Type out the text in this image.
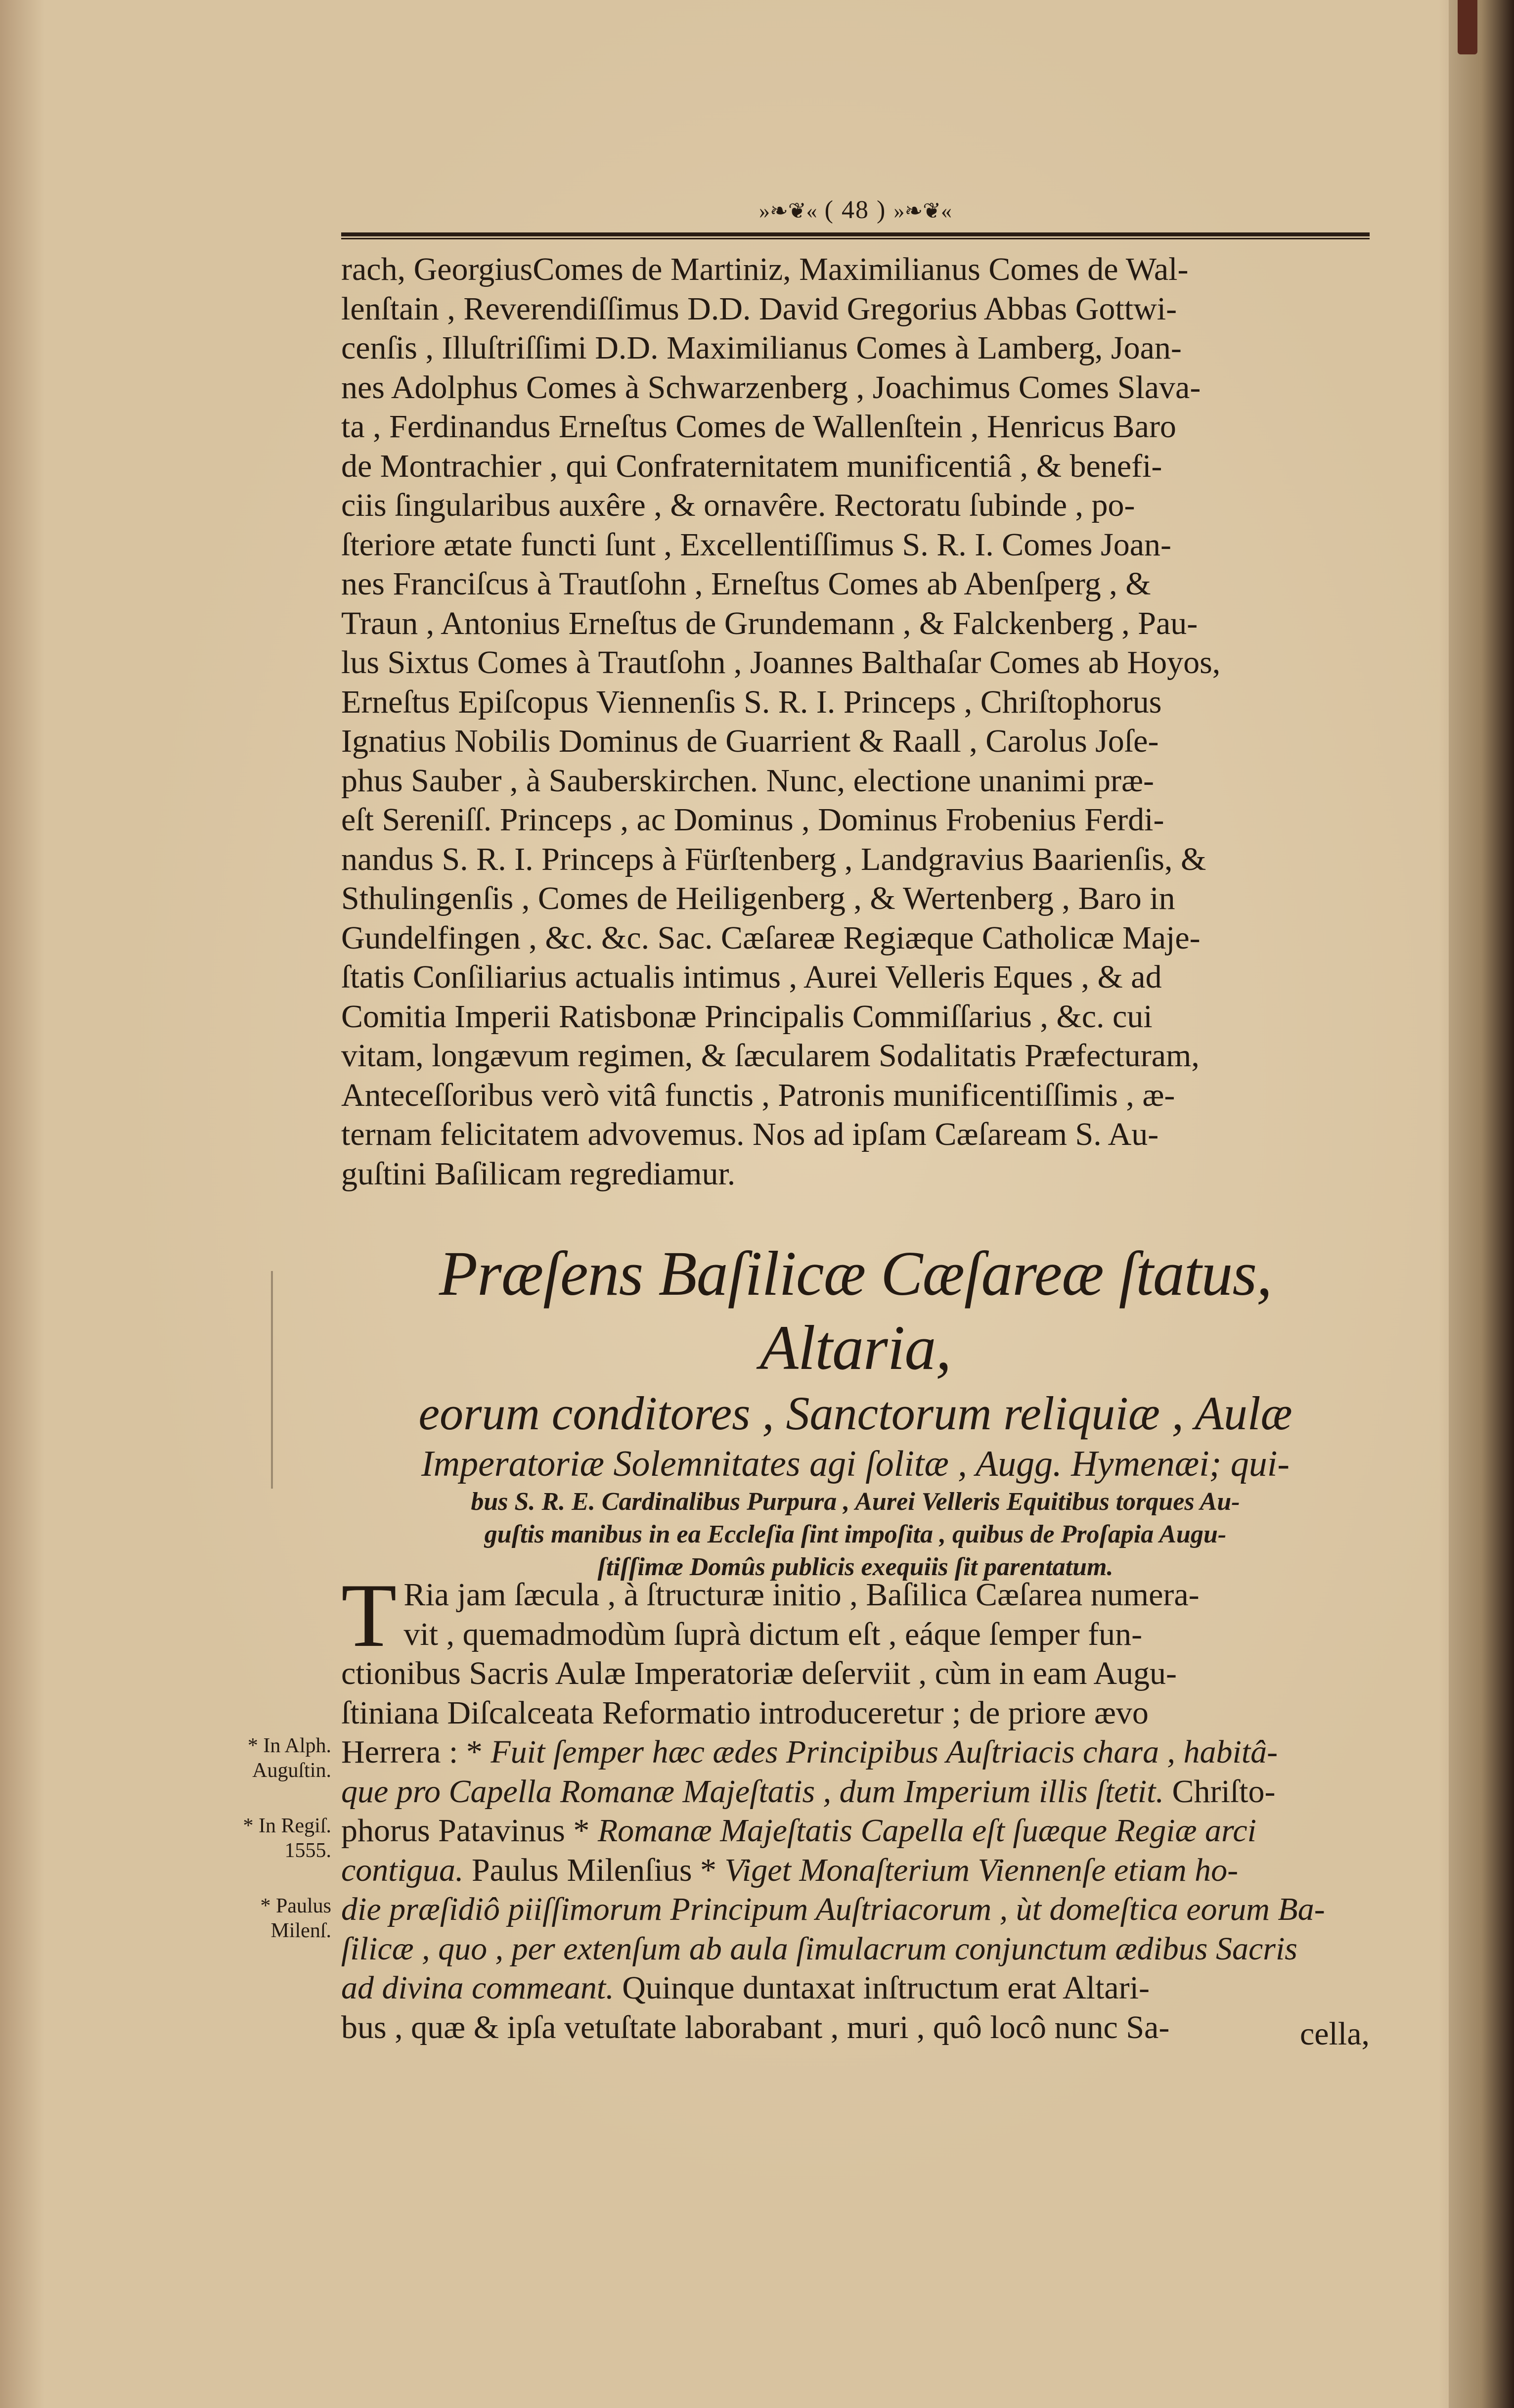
»❧❦« ( 48 ) »❧❦«
rach, GeorgiusComes de Martiniz, Maximilianus Comes de Wal-
lenſtain , Reverendiſſimus D.D. David Gregorius Abbas Gottwi-
cenſis , Illuſtriſſimi D.D. Maximilianus Comes à Lamberg, Joan-
nes Adolphus Comes à Schwarzenberg , Joachimus Comes Slava-
ta , Ferdinandus Erneſtus Comes de Wallenſtein , Henricus Baro
de Montrachier , qui Confraternitatem munificentiâ , & benefi-
ciis ſingularibus auxêre , & ornavêre. Rectoratu ſubinde , po-
ſteriore ætate functi ſunt , Excellentiſſimus S. R. I. Comes Joan-
nes Franciſcus à Trautſohn , Erneſtus Comes ab Abenſperg , &
Traun , Antonius Erneſtus de Grundemann , & Falckenberg , Pau-
lus Sixtus Comes à Trautſohn , Joannes Balthaſar Comes ab Hoyos,
Erneſtus Epiſcopus Viennenſis S. R. I. Princeps , Chriſtophorus
Ignatius Nobilis Dominus de Guarrient & Raall , Carolus Joſe-
phus Sauber , à Sauberskirchen. Nunc, electione unanimi præ-
eſt Sereniſſ. Princeps , ac Dominus , Dominus Frobenius Ferdi-
nandus S. R. I. Princeps à Fürſtenberg , Landgravius Baarienſis, &
Sthulingenſis , Comes de Heiligenberg , & Wertenberg , Baro in
Gundelfingen , &c. &c. Sac. Cæſareæ Regiæque Catholicæ Maje-
ſtatis Conſiliarius actualis intimus , Aurei Velleris Eques , & ad
Comitia Imperii Ratisbonæ Principalis Commiſſarius , &c. cui
vitam, longævum regimen, & ſæcularem Sodalitatis Præfecturam,
Anteceſſoribus verò vitâ functis , Patronis munificentiſſimis , æ-
ternam felicitatem advovemus. Nos ad ipſam Cæſaream S. Au-
guſtini Baſilicam regrediamur.
Præſens Baſilicæ Cæſareæ ſtatus, Altaria,
eorum conditores , Sanctorum reliquiæ , Aulæ
Imperatoriæ Solemnitates agi ſolitæ , Augg. Hymenæi; qui-
bus S. R. E. Cardinalibus Purpura , Aurei Velleris Equitibus torques Au-
guſtis manibus in ea Eccleſia ſint impoſita , quibus de Proſapia Augu-
ſtiſſimæ Domûs publicis exequiis ſit parentatum.
T Ria jam ſæcula , à ſtructuræ initio , Baſilica Cæſarea numera-
vit , quemadmodùm ſuprà dictum eſt , eáque ſemper fun-
ctionibus Sacris Aulæ Imperatoriæ deſerviit , cùm in eam Augu-
ſtiniana Diſcalceata Reformatio introduceretur ; de priore ævo
Herrera : * Fuit ſemper hæc ædes Principibus Auſtriacis chara , habitâ-
que pro Capella Romanæ Majeſtatis , dum Imperium illis ſtetit. Chriſto-
phorus Patavinus * Romanæ Majeſtatis Capella eſt ſuæque Regiæ arci
contigua. Paulus Milenſius * Viget Monaſterium Viennenſe etiam ho-
die præſidiô piiſſimorum Principum Auſtriacorum , ùt domeſtica eorum Ba-
ſilicæ , quo , per extenſum ab aula ſimulacrum conjunctum ædibus Sacris
ad divina commeant. Quinque duntaxat inſtructum erat Altari-
bus , quæ & ipſa vetuſtate laborabant , muri , quô locô nunc Sa-
* In Alph. Auguſtin.
* In Regiſ. 1555.
* Paulus Milenſ.
cella,
